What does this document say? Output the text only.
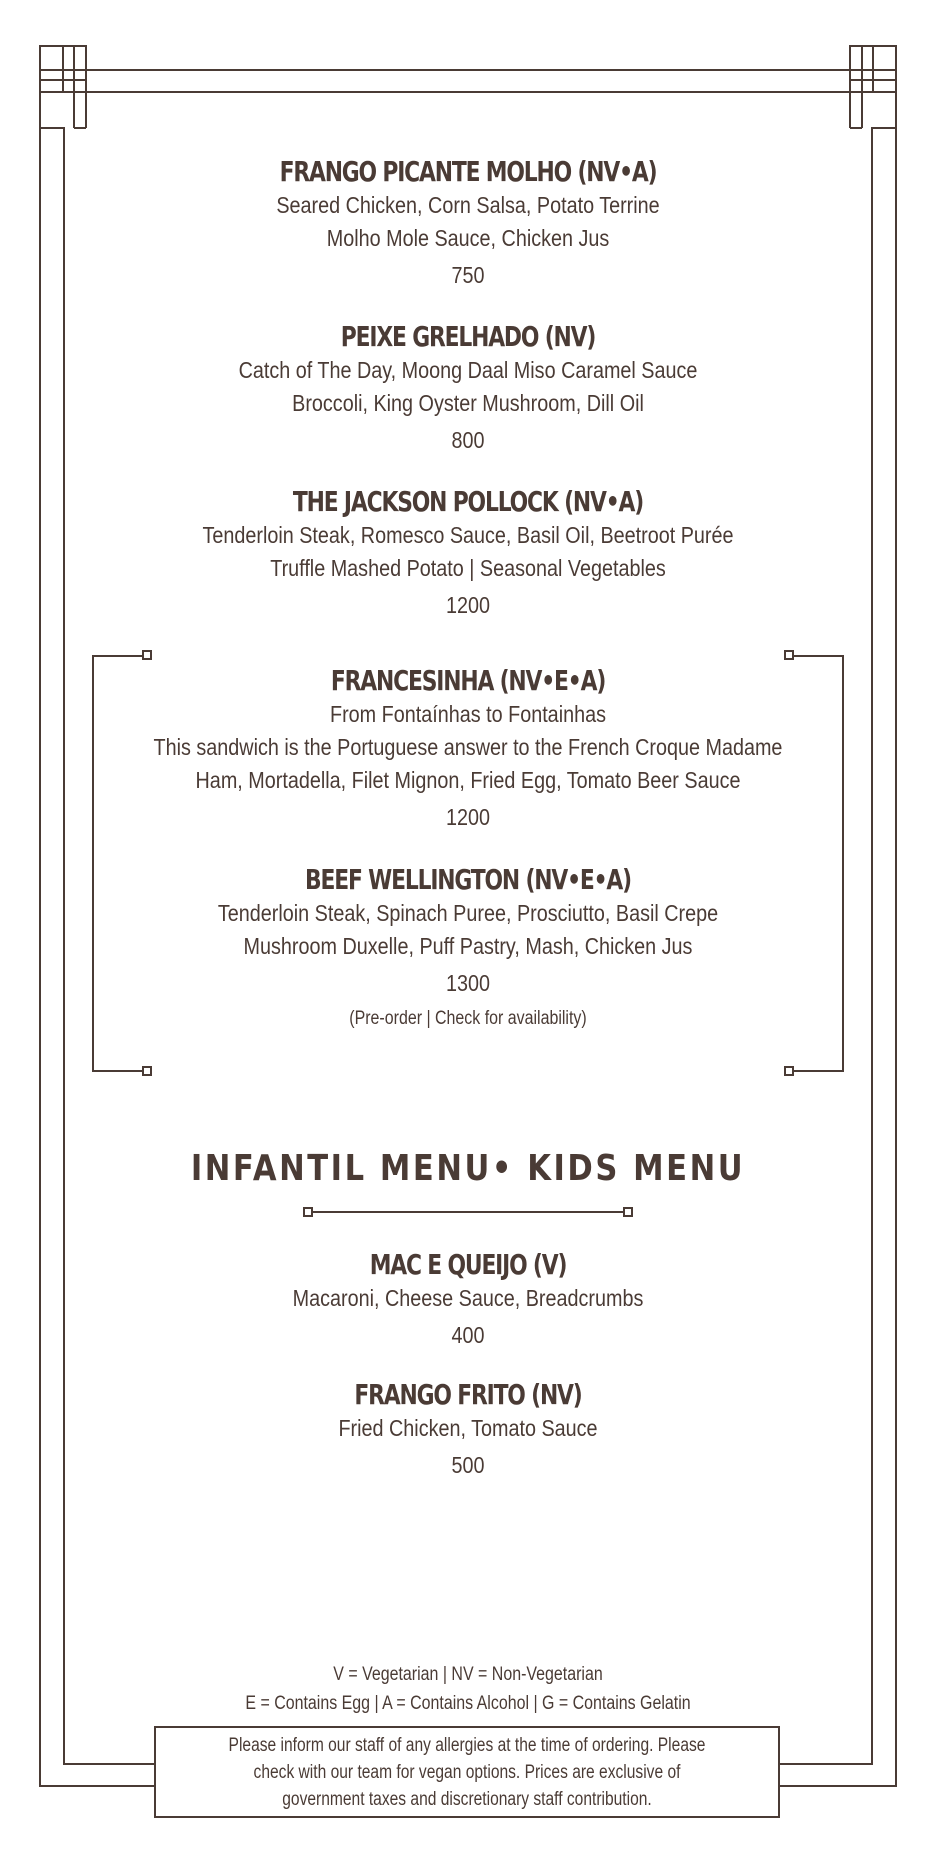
FRANGO PICANTE MOLHO (NV•A)
Seared Chicken, Corn Salsa, Potato Terrine
Molho Mole Sauce, Chicken Jus
750
PEIXE GRELHADO (NV)
Catch of The Day, Moong Daal Miso Caramel Sauce
Broccoli, King Oyster Mushroom, Dill Oil
800
THE JACKSON POLLOCK (NV•A)
Tenderloin Steak, Romesco Sauce, Basil Oil, Beetroot Purée
Truffle Mashed Potato | Seasonal Vegetables
1200
FRANCESINHA (NV•E•A)
From Fontaínhas to Fontainhas
This sandwich is the Portuguese answer to the French Croque Madame
Ham, Mortadella, Filet Mignon, Fried Egg, Tomato Beer Sauce
1200
BEEF WELLINGTON (NV•E•A)
Tenderloin Steak, Spinach Puree, Prosciutto, Basil Crepe
Mushroom Duxelle, Puff Pastry, Mash, Chicken Jus
1300
(Pre-order | Check for availability)
INFANTIL MENU• KIDS MENU
MAC E QUEIJO (V)
Macaroni, Cheese Sauce, Breadcrumbs
400
FRANGO FRITO (NV)
Fried Chicken, Tomato Sauce
500
V = Vegetarian | NV = Non-Vegetarian
E = Contains Egg | A = Contains Alcohol | G = Contains Gelatin
Please inform our staff of any allergies at the time of ordering. Please check with our team for vegan options. Prices are exclusive of government taxes and discretionary staff contribution.
